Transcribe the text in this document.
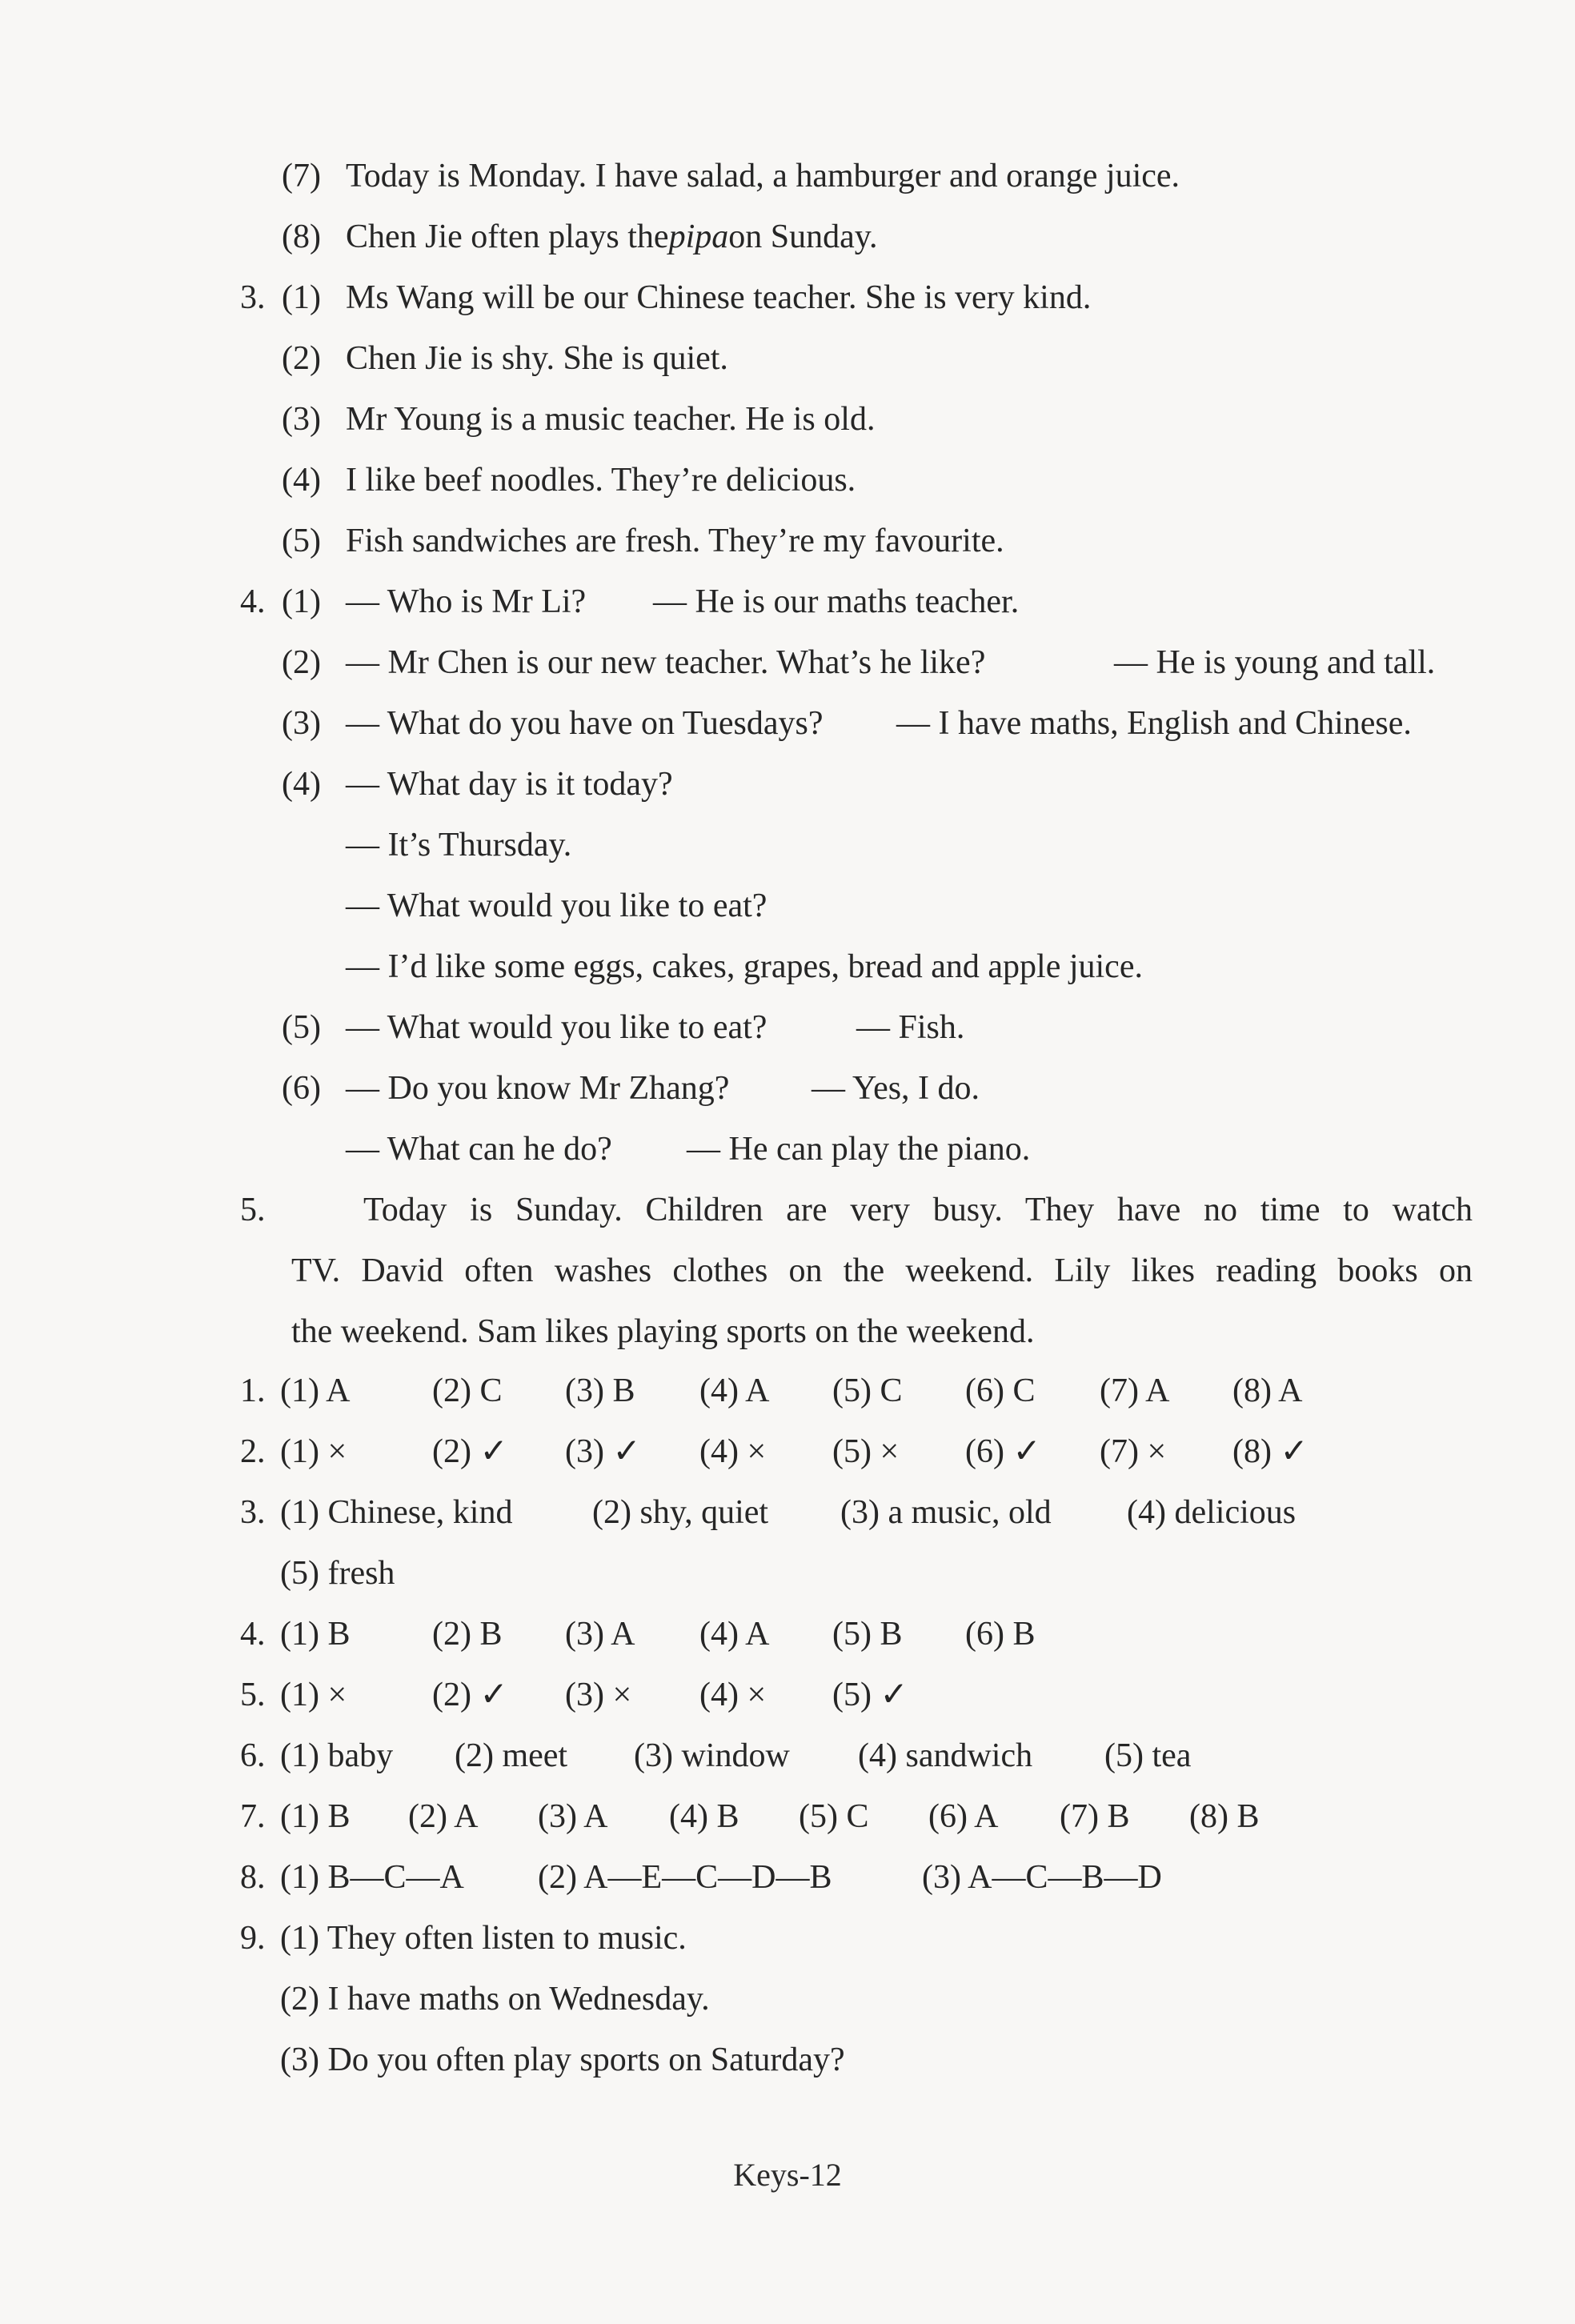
(7) Today is Monday. I have salad, a hamburger and orange juice.
(8) Chen Jie often plays thepipaon Sunday.
3. (1) Ms Wang will be our Chinese teacher. She is very kind.
(2) Chen Jie is shy. She is quiet.
(3) Mr Young is a music teacher. He is old.
(4) I like beef noodles. They’re delicious.
(5) Fish sandwiches are fresh. They’re my favourite.
4. (1) — Who is Mr Li? — He is our maths teacher.
(2) — Mr Chen is our new teacher. What’s he like?	— He is young and tall.
(3) — What do you have on Tuesdays? — I have maths, English and Chinese.
(4) — What day is it today?
— It’s Thursday.
— What would you like to eat?
— I’d like some eggs, cakes, grapes, bread and apple juice.
(5) — What would you like to eat?	— Fish.
(6) — Do you know Mr Zhang? — Yes, I do.
— What can he do? — He can play the piano.
5.	Today is Sunday. Children are very busy. They have no time to watch
TV. David often washes clothes on the weekend. Lily likes reading books on
the weekend. Sam likes playing sports on the weekend.
1. (1) A (2) C (3) B (4) A (5) C (6) C (7) A (8) A
2. (1) ×	(2) ✓ (3) ✓ (4) × (5) × (6) ✓ (7) × (8) ✓
3. (1) Chinese, kind (2) shy, quiet (3) a music, old (4) delicious
(5) fresh
4. (1) B (2) B (3) A (4) A (5) B (6) B
5. (1) ×	(2) ✓ (3) × (4) × (5) ✓
6. (1) baby (2) meet (3) window (4) sandwich (5) tea
7. (1) B (2) A (3) A (4) B (5) C (6) A (7) B (8) B
8. (1) B—C—A (2) A—E—C—D—B	(3) A—C—B—D
9. (1) They often listen to music.
(2) I have maths on Wednesday.
(3) Do you often play sports on Saturday?
Keys-12
